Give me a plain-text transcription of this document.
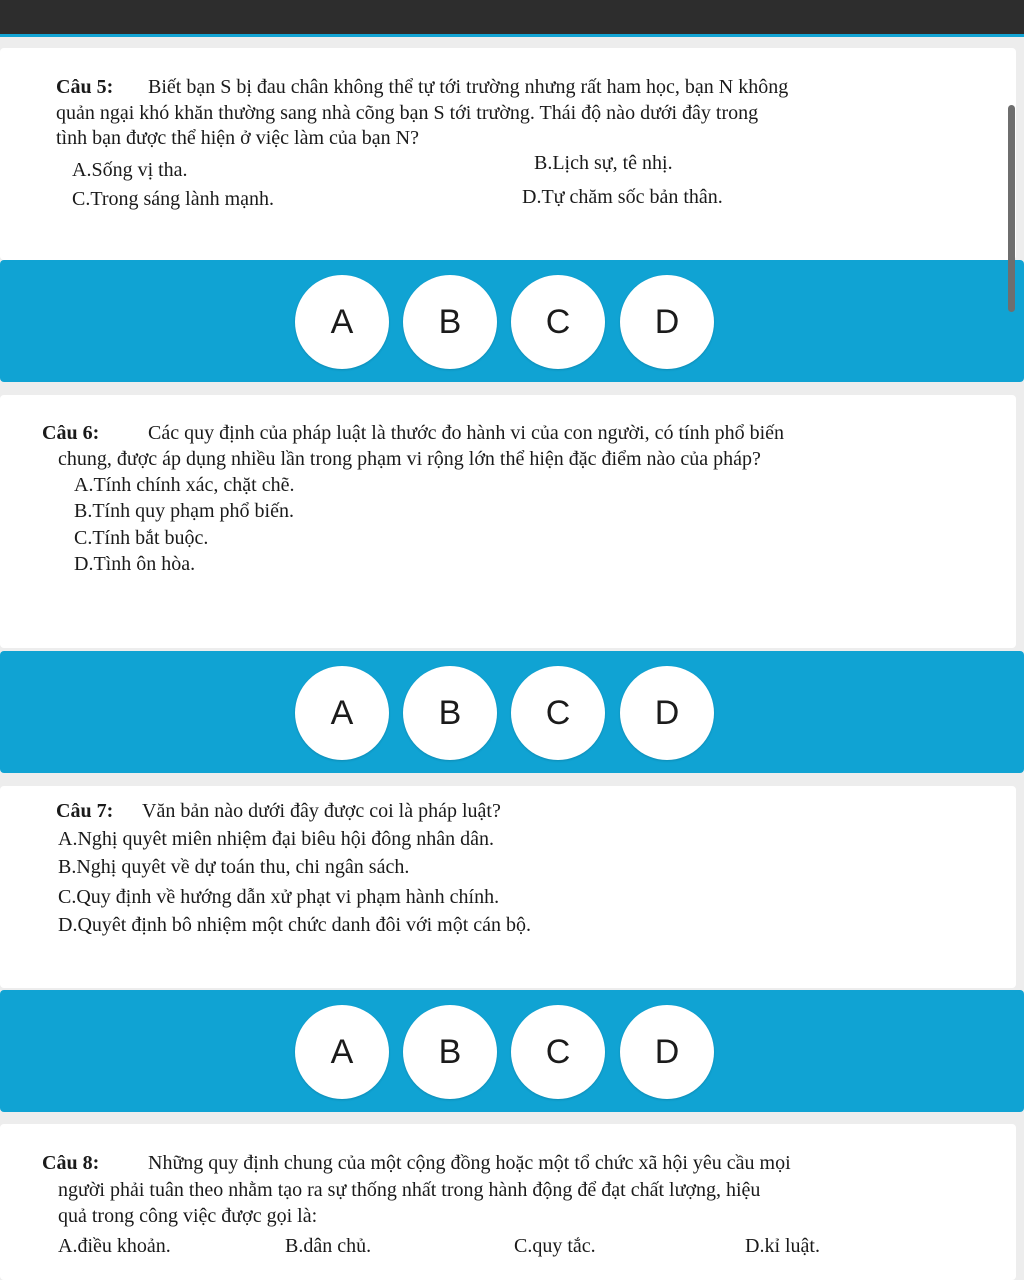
Câu 5: Biết bạn S bị đau chân không thể tự tới trường nhưng rất ham học, bạn N không
quản ngại khó khăn thường sang nhà cõng bạn S tới trường. Thái độ nào dưới đây trong
tình bạn được thể hiện ở việc làm của bạn N?
A.Sống vị tha.	B.Lịch sự, tê nhị.
C.Trong sáng lành mạnh.	D.Tự chăm sốc bản thân.
A	B	C	D
Câu 6: Các quy định của pháp luật là thước đo hành vi của con người, có tính phổ biến
chung, được áp dụng nhiều lần trong phạm vi rộng lớn thể hiện đặc điểm nào của pháp?
A.Tính chính xác, chặt chẽ.
B.Tính quy phạm phổ biến.
C.Tính bắt buộc.
D.Tình ôn hòa.
A	B	C	D
Câu 7: Văn bản nào dưới đây được coi là pháp luật?
A.Nghị quyêt miên nhiệm đại biêu hội đông nhân dân.
B.Nghị quyêt về dự toán thu, chi ngân sách.
C.Quy định về hướng dẫn xử phạt vi phạm hành chính.
D.Quyêt định bô nhiệm một chức danh đôi với một cán bộ.
A	B	C	D
Câu 8: Những quy định chung của một cộng đồng hoặc một tổ chức xã hội yêu cầu mọi
người phải tuân theo nhằm tạo ra sự thống nhất trong hành động để đạt chất lượng, hiệu
quả trong công việc được gọi là:
A.điều khoản.	B.dân chủ.	C.quy tắc.	D.kỉ luật.
